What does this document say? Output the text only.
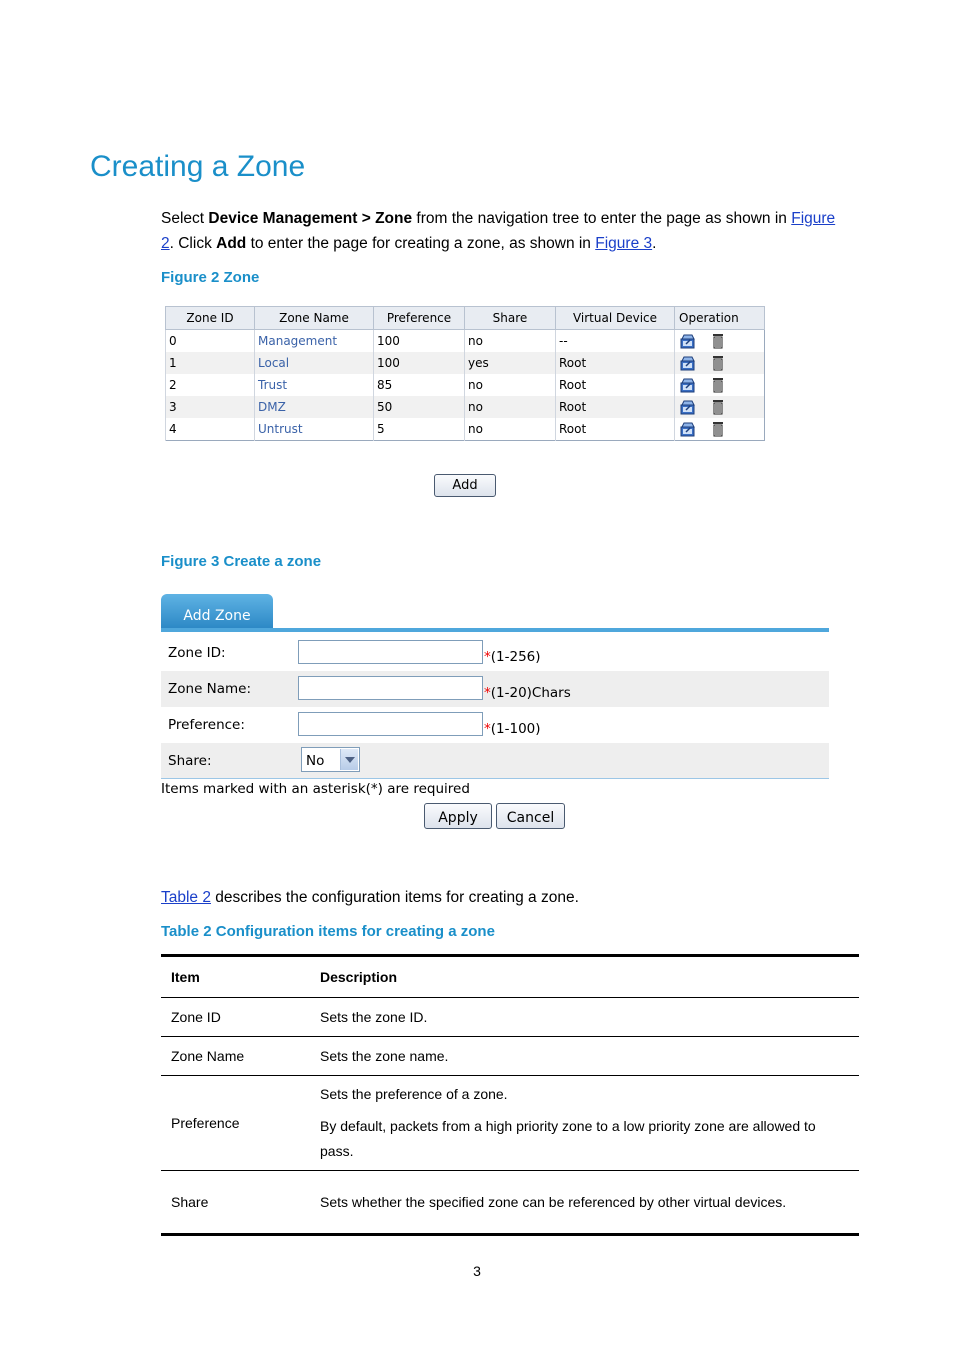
Creating a Zone
Select Device Management > Zone from the navigation tree to enter the page as shown in Figure
2. Click Add to enter the page for creating a zone, as shown in Figure 3.
Figure 2 Zone
Zone ID	Zone Name	Preference	Share	Virtual Device	Operation
0	Management	100	no	--	
1	Local	100	yes	Root	
2	Trust	85	no	Root	
3	DMZ	50	no	Root	
4	Untrust	5	no	Root	
Add
Figure 3 Create a zone
Add Zone
Zone ID:	*(1-256)
Zone Name:	*(1-20)Chars
Preference:	*(1-100)
Share:	No
Items marked with an asterisk(*) are required
Apply	Cancel
Table 2 describes the configuration items for creating a zone.
Table 2 Configuration items for creating a zone
Item	Description
Zone ID	Sets the zone ID.

Zone Name	Sets the zone name.

Preference	Sets the preference of a zone.

By default, packets from a high priority zone to a low priority zone are allowed to pass.

Share	Sets whether the specified zone can be referenced by other virtual devices.

3
